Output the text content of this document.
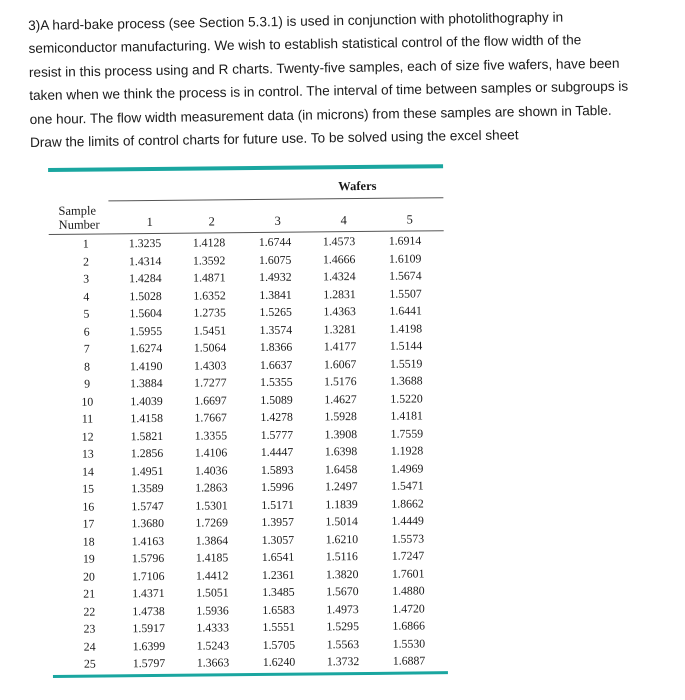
3)A hard-bake process (see Section 5.3.1) is used in conjunction with photolithography in
semiconductor manufacturing. We wish to establish statistical control of the flow width of the
resist in this process using and R charts. Twenty-five samples, each of size five wafers, have been
taken when we think the process is in control. The interval of time between samples or subgroups is
one hour. The flow width measurement data (in microns) from these samples are shown in Table.
Draw the limits of control charts for future use. To be solved using the excel sheet
Wafers
Sample
Number	1	2	3	4	5
1	1.3235	1.4128	1.6744	1.4573	1.6914
2	1.4314	1.3592	1.6075	1.4666	1.6109
3	1.4284	1.4871	1.4932	1.4324	1.5674
4	1.5028	1.6352	1.3841	1.2831	1.5507
5	1.5604	1.2735	1.5265	1.4363	1.6441
6	1.5955	1.5451	1.3574	1.3281	1.4198
7	1.6274	1.5064	1.8366	1.4177	1.5144
8	1.4190	1.4303	1.6637	1.6067	1.5519
9	1.3884	1.7277	1.5355	1.5176	1.3688
10	1.4039	1.6697	1.5089	1.4627	1.5220
11	1.4158	1.7667	1.4278	1.5928	1.4181
12	1.5821	1.3355	1.5777	1.3908	1.7559
13	1.2856	1.4106	1.4447	1.6398	1.1928
14	1.4951	1.4036	1.5893	1.6458	1.4969
15	1.3589	1.2863	1.5996	1.2497	1.5471
16	1.5747	1.5301	1.5171	1.1839	1.8662
17	1.3680	1.7269	1.3957	1.5014	1.4449
18	1.4163	1.3864	1.3057	1.6210	1.5573
19	1.5796	1.4185	1.6541	1.5116	1.7247
20	1.7106	1.4412	1.2361	1.3820	1.7601
21	1.4371	1.5051	1.3485	1.5670	1.4880
22	1.4738	1.5936	1.6583	1.4973	1.4720
23	1.5917	1.4333	1.5551	1.5295	1.6866
24	1.6399	1.5243	1.5705	1.5563	1.5530
25	1.5797	1.3663	1.6240	1.3732	1.6887
